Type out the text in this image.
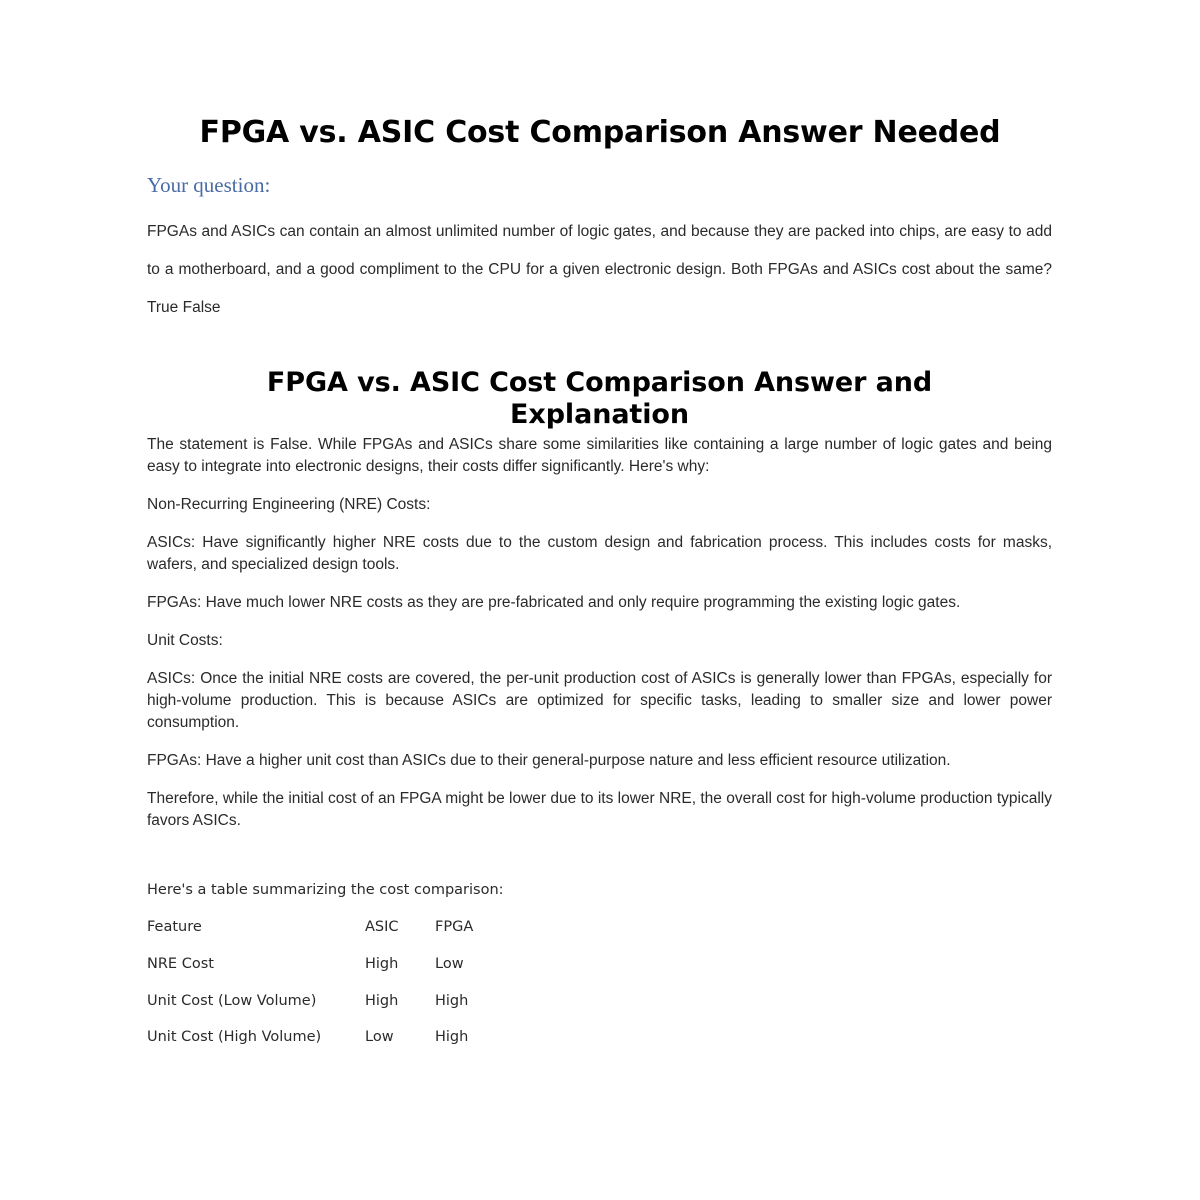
FPGA vs. ASIC Cost Comparison Answer Needed
Your question:
FPGAs and ASICs can contain an almost unlimited number of logic gates, and because they are packed into chips, are easy to add to a motherboard, and a good compliment to the CPU for a given electronic design. Both FPGAs and ASICs cost about the same? True False
FPGA vs. ASIC Cost Comparison Answer and
Explanation

The statement is False. While FPGAs and ASICs share some similarities like containing a large number of logic gates and being easy to integrate into electronic designs, their costs differ significantly. Here's why:

Non-Recurring Engineering (NRE) Costs:

ASICs: Have significantly higher NRE costs due to the custom design and fabrication process. This includes costs for masks, wafers, and specialized design tools.

FPGAs: Have much lower NRE costs as they are pre-fabricated and only require programming the existing logic gates.

Unit Costs:

ASICs: Once the initial NRE costs are covered, the per-unit production cost of ASICs is generally lower than FPGAs, especially for high-volume production. This is because ASICs are optimized for specific tasks, leading to smaller size and lower power consumption.

FPGAs: Have a higher unit cost than ASICs due to their general-purpose nature and less efficient resource utilization.

Therefore, while the initial cost of an FPGA might be lower due to its lower NRE, the overall cost for high-volume production typically favors ASICs.

Here's a table summarizing the cost comparison:
Feature	ASIC	FPGA
NRE Cost	High	Low
Unit Cost (Low Volume)	High	High
Unit Cost (High Volume)	Low	High
